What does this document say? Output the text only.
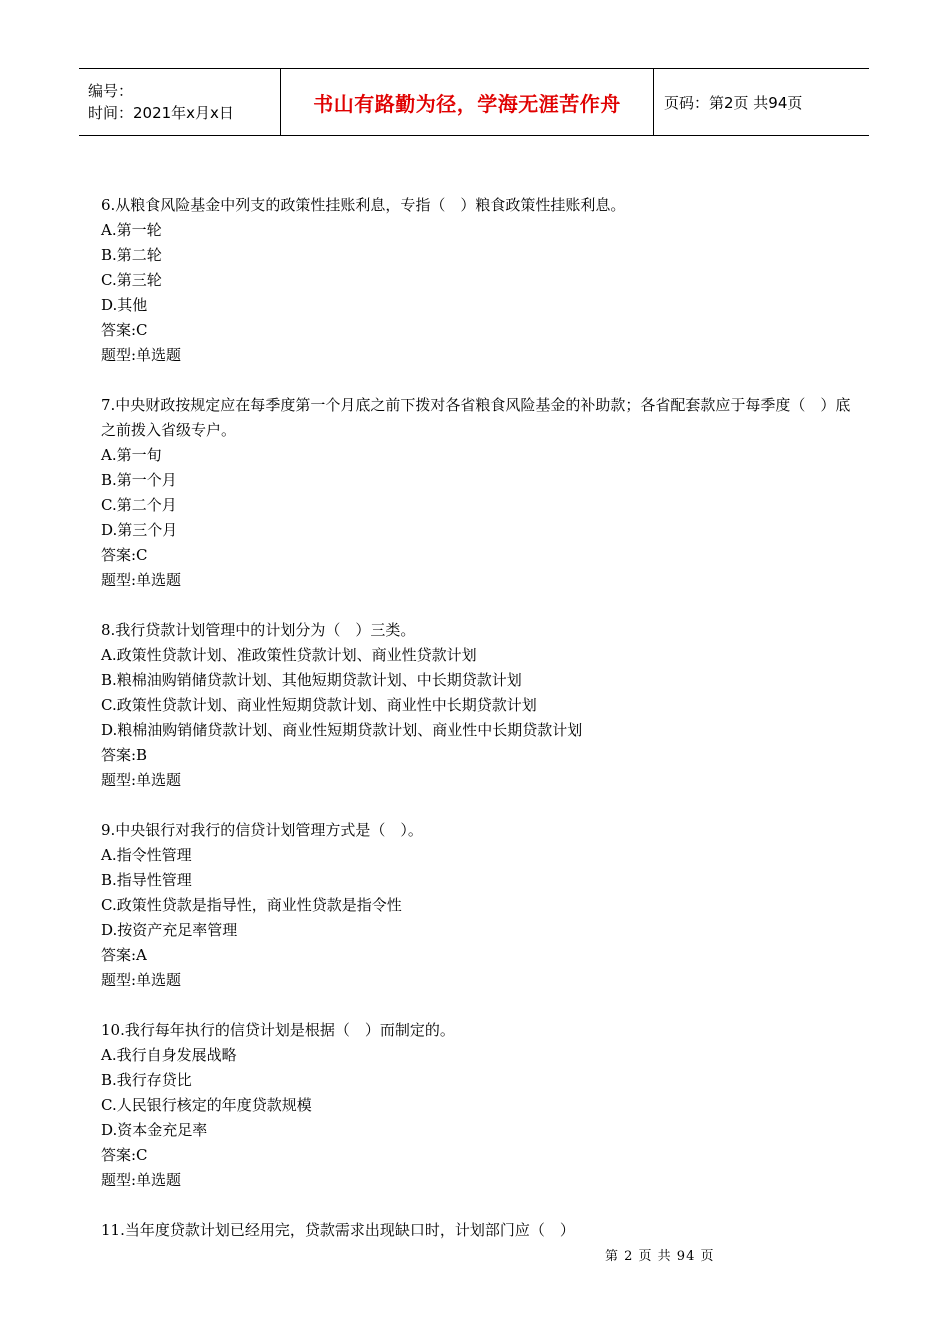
编号：
时间：2021年x月x日	书山有路勤为径，学海无涯苦作舟	页码：第2页 共94页
6.从粮食风险基金中列支的政策性挂账利息，专指（　）粮食政策性挂账利息。
A.第一轮
B.第二轮
C.第三轮
D.其他
答案:C
题型:单选题
7.中央财政按规定应在每季度第一个月底之前下拨对各省粮食风险基金的补助款；各省配套款应于每季度（　）底之前拨入省级专户。
A.第一旬
B.第一个月
C.第二个月
D.第三个月
答案:C
题型:单选题
8.我行贷款计划管理中的计划分为（　）三类。
A.政策性贷款计划、准政策性贷款计划、商业性贷款计划
B.粮棉油购销储贷款计划、其他短期贷款计划、中长期贷款计划
C.政策性贷款计划、商业性短期贷款计划、商业性中长期贷款计划
D.粮棉油购销储贷款计划、商业性短期贷款计划、商业性中长期贷款计划
答案:B
题型:单选题
9.中央银行对我行的信贷计划管理方式是（　）。
A.指令性管理
B.指导性管理
C.政策性贷款是指导性，商业性贷款是指令性
D.按资产充足率管理
答案:A
题型:单选题
10.我行每年执行的信贷计划是根据（　）而制定的。
A.我行自身发展战略
B.我行存贷比
C.人民银行核定的年度贷款规模
D.资本金充足率
答案:C
题型:单选题
11.当年度贷款计划已经用完，贷款需求出现缺口时，计划部门应（　）
第 2 页 共 94 页
